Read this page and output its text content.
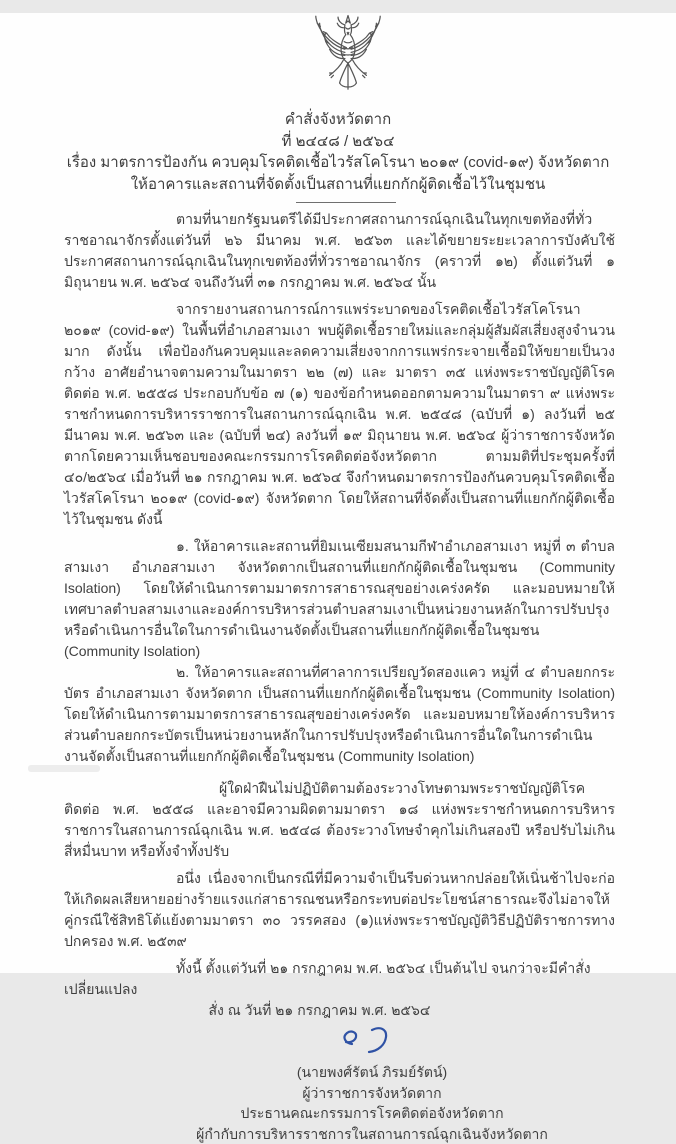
คำสั่งจังหวัดตาก
ที่ ๒๔๔๘ / ๒๕๖๔
เรื่อง มาตรการป้องกัน ควบคุมโรคติดเชื้อไวรัสโคโรนา ๒๐๑๙ (covid-๑๙) จังหวัดตาก
ให้อาคารและสถานที่จัดตั้งเป็นสถานที่แยกกักผู้ติดเชื้อไว้ในชุมชน

ตามที่นายกรัฐมนตรีได้มีประกาศสถานการณ์ฉุกเฉินในทุกเขตท้องที่ทั่วราชอาณาจักรตั้งแต่วันที่ ๒๖ มีนาคม พ.ศ. ๒๕๖๓ และได้ขยายระยะเวลาการบังคับใช้ประกาศสถานการณ์ฉุกเฉินในทุกเขตท้องที่ทั่วราชอาณาจักร (คราวที่ ๑๒) ตั้งแต่วันที่ ๑ มิถุนายน พ.ศ. ๒๕๖๔ จนถึงวันที่ ๓๑ กรกฎาคม พ.ศ. ๒๕๖๔ นั้น

จากรายงานสถานการณ์การแพร่ระบาดของโรคติดเชื้อไวรัสโคโรนา ๒๐๑๙ (covid-๑๙) ในพื้นที่อำเภอสามเงา พบผู้ติดเชื้อรายใหม่และกลุ่มผู้สัมผัสเสี่ยงสูงจำนวนมาก ดังนั้น เพื่อป้องกันควบคุมและลดความเสี่ยงจากการแพร่กระจายเชื้อมิให้ขยายเป็นวงกว้าง อาศัยอำนาจตามความในมาตรา ๒๒ (๗) และ มาตรา ๓๕ แห่งพระราชบัญญัติโรคติดต่อ พ.ศ. ๒๕๕๘ ประกอบกับข้อ ๗ (๑) ของข้อกำหนดออกตามความในมาตรา ๙ แห่งพระราชกำหนดการบริหารราชการในสถานการณ์ฉุกเฉิน พ.ศ. ๒๕๔๘ (ฉบับที่ ๑) ลงวันที่ ๒๕ มีนาคม พ.ศ. ๒๕๖๓ และ (ฉบับที่ ๒๔) ลงวันที่ ๑๙ มิถุนายน พ.ศ. ๒๕๖๔ ผู้ว่าราชการจังหวัดตากโดยความเห็นชอบของคณะกรรมการโรคติดต่อจังหวัดตาก ตามมติที่ประชุมครั้งที่ ๔๐/๒๕๖๔ เมื่อวันที่ ๒๑ กรกฎาคม พ.ศ. ๒๕๖๔ จึงกำหนดมาตรการป้องกันควบคุมโรคติดเชื้อไวรัสโคโรนา ๒๐๑๙ (covid-๑๙) จังหวัดตาก โดยให้สถานที่จัดตั้งเป็นสถานที่แยกกักผู้ติดเชื้อไว้ในชุมชน ดังนี้

๑. ให้อาคารและสถานที่ยิมเนเซียมสนามกีฬาอำเภอสามเงา หมู่ที่ ๓ ตำบลสามเงา อำเภอสามเงา จังหวัดตากเป็นสถานที่แยกกักผู้ติดเชื้อในชุมชน (Community Isolation) โดยให้ดำเนินการตามมาตรการสาธารณสุขอย่างเคร่งครัด และมอบหมายให้เทศบาลตำบลสามเงาและองค์การบริหารส่วนตำบลสามเงาเป็นหน่วยงานหลักในการปรับปรุงหรือดำเนินการอื่นใดในการดำเนินงานจัดตั้งเป็นสถานที่แยกกักผู้ติดเชื้อในชุมชน (Community Isolation)

๒. ให้อาคารและสถานที่ศาลาการเปรียญวัดสองแคว หมู่ที่ ๔ ตำบลยกกระบัตร อำเภอสามเงา จังหวัดตาก เป็นสถานที่แยกกักผู้ติดเชื้อในชุมชน (Community Isolation) โดยให้ดำเนินการตามมาตรการสาธารณสุขอย่างเคร่งครัด และมอบหมายให้องค์การบริหารส่วนตำบลยกกระบัตรเป็นหน่วยงานหลักในการปรับปรุงหรือดำเนินการอื่นใดในการดำเนินงานจัดตั้งเป็นสถานที่แยกกักผู้ติดเชื้อในชุมชน (Community Isolation)

ผู้ใดฝ่าฝืนไม่ปฏิบัติตามต้องระวางโทษตามพระราชบัญญัติโรคติดต่อ พ.ศ. ๒๕๕๘ และอาจมีความผิดตามมาตรา ๑๘ แห่งพระราชกำหนดการบริหารราชการในสถานการณ์ฉุกเฉิน พ.ศ. ๒๕๔๘ ต้องระวางโทษจำคุกไม่เกินสองปี หรือปรับไม่เกินสี่หมื่นบาท หรือทั้งจำทั้งปรับ

อนึ่ง เนื่องจากเป็นกรณีที่มีความจำเป็นรีบด่วนหากปล่อยให้เนิ่นช้าไปจะก่อให้เกิดผลเสียหายอย่างร้ายแรงแก่สาธารณชนหรือกระทบต่อประโยชน์สาธารณะจึงไม่อาจให้คู่กรณีใช้สิทธิโต้แย้งตามมาตรา ๓๐ วรรคสอง (๑)แห่งพระราชบัญญัติวิธีปฏิบัติราชการทางปกครอง พ.ศ. ๒๕๓๙

ทั้งนี้ ตั้งแต่วันที่ ๒๑ กรกฎาคม พ.ศ. ๒๕๖๔ เป็นต้นไป จนกว่าจะมีคำสั่งเปลี่ยนแปลง

สั่ง ณ วันที่ ๒๑ กรกฎาคม พ.ศ. ๒๕๖๔

(นายพงศ์รัตน์ ภิรมย์รัตน์)
ผู้ว่าราชการจังหวัดตาก
ประธานคณะกรรมการโรคติดต่อจังหวัดตาก
ผู้กำกับการบริหารราชการในสถานการณ์ฉุกเฉินจังหวัดตาก
